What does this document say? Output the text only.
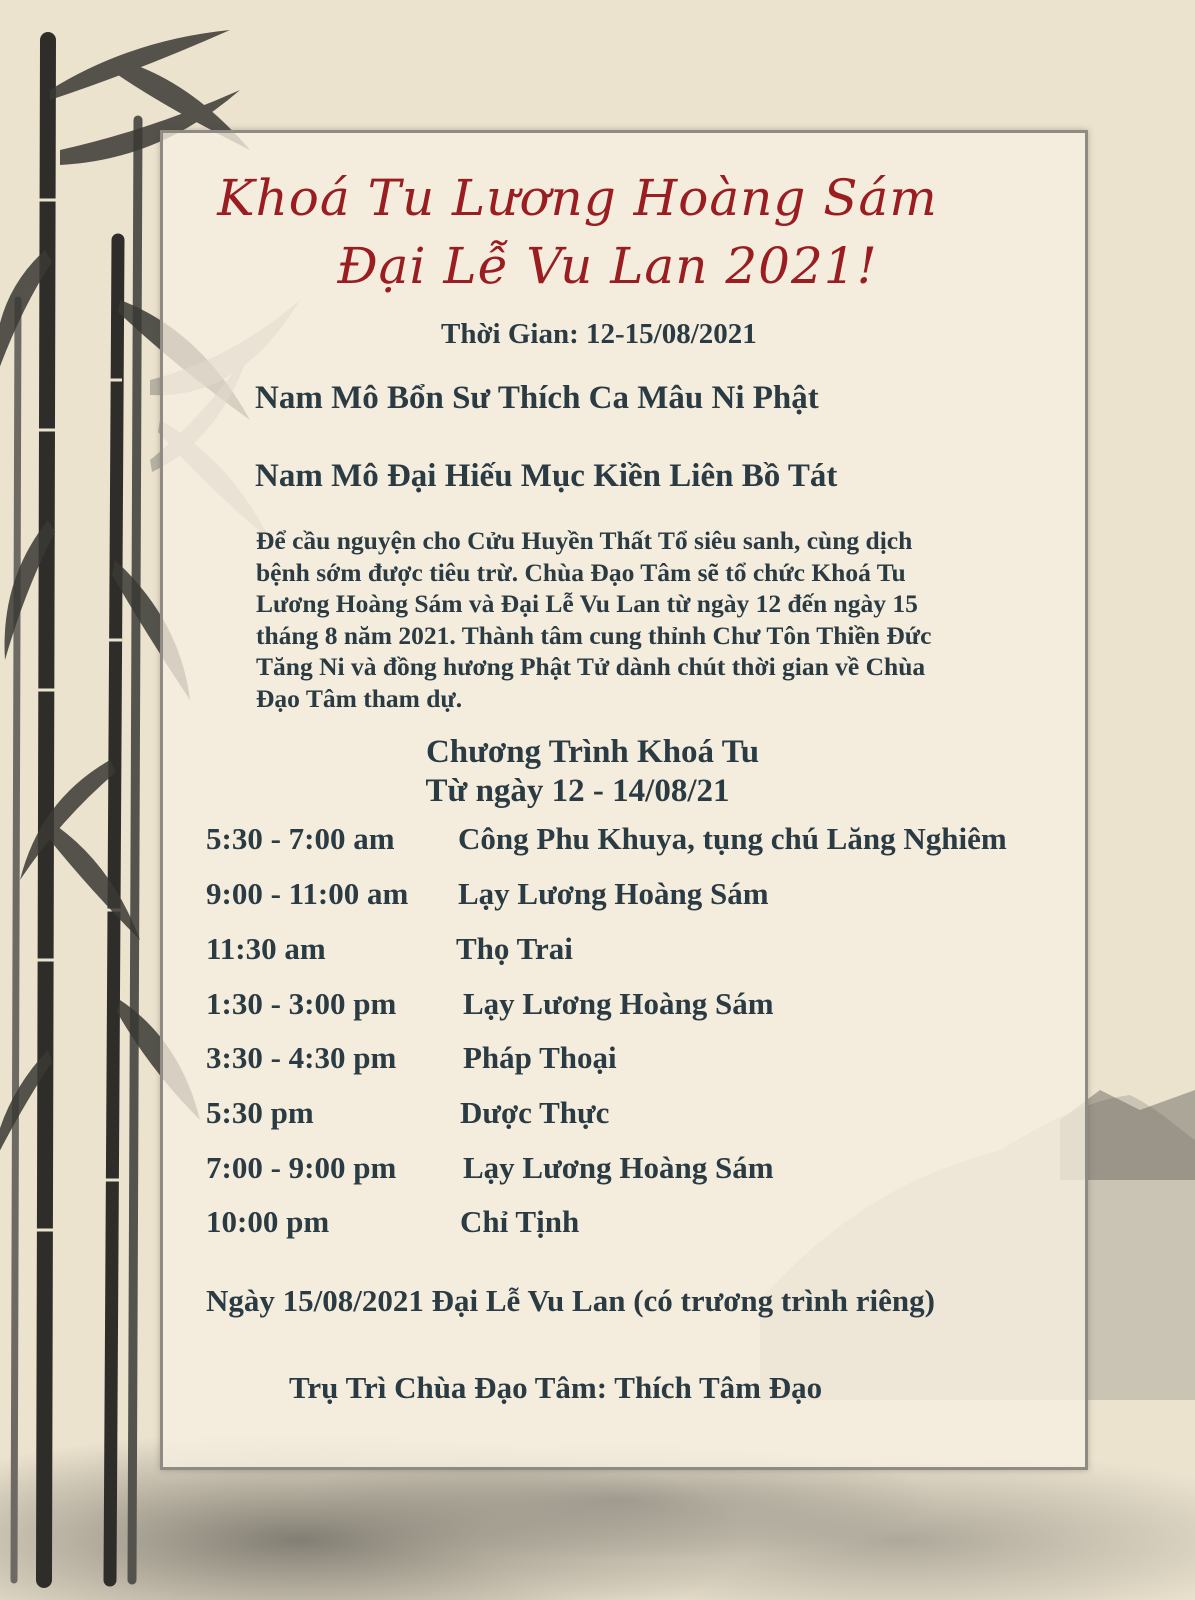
Khoá Tu Lương Hoàng Sám
Đại Lễ Vu Lan 2021!
Thời Gian: 12-15/08/2021
Nam Mô Bổn Sư Thích Ca Mâu Ni Phật
Nam Mô Đại Hiếu Mục Kiền Liên Bồ Tát
Để cầu nguyện cho Cửu Huyền Thất Tổ siêu sanh, cùng dịch
bệnh sớm được tiêu trừ. Chùa Đạo Tâm sẽ tổ chức Khoá Tu
Lương Hoàng Sám và Đại Lễ Vu Lan từ ngày 12 đến ngày 15
tháng 8 năm 2021. Thành tâm cung thỉnh Chư Tôn Thiền Đức
Tăng Ni và đồng hương Phật Tử dành chút thời gian về Chùa
Đạo Tâm tham dự.
Chương Trình Khoá Tu
Từ ngày 12 - 14/08/21
5:30 - 7:00 am Công Phu Khuya, tụng chú Lăng Nghiêm
9:00 - 11:00 am Lạy Lương Hoàng Sám
11:30 am	Thọ Trai
1:30 - 3:00 pm Lạy Lương Hoàng Sám
3:30 - 4:30 pm Pháp Thoại
5:30 pm	Dược Thực
7:00 - 9:00 pm Lạy Lương Hoàng Sám
10:00 pm	Chỉ Tịnh
Ngày 15/08/2021 Đại Lễ Vu Lan (có trương trình riêng)
Trụ Trì Chùa Đạo Tâm: Thích Tâm Đạo
